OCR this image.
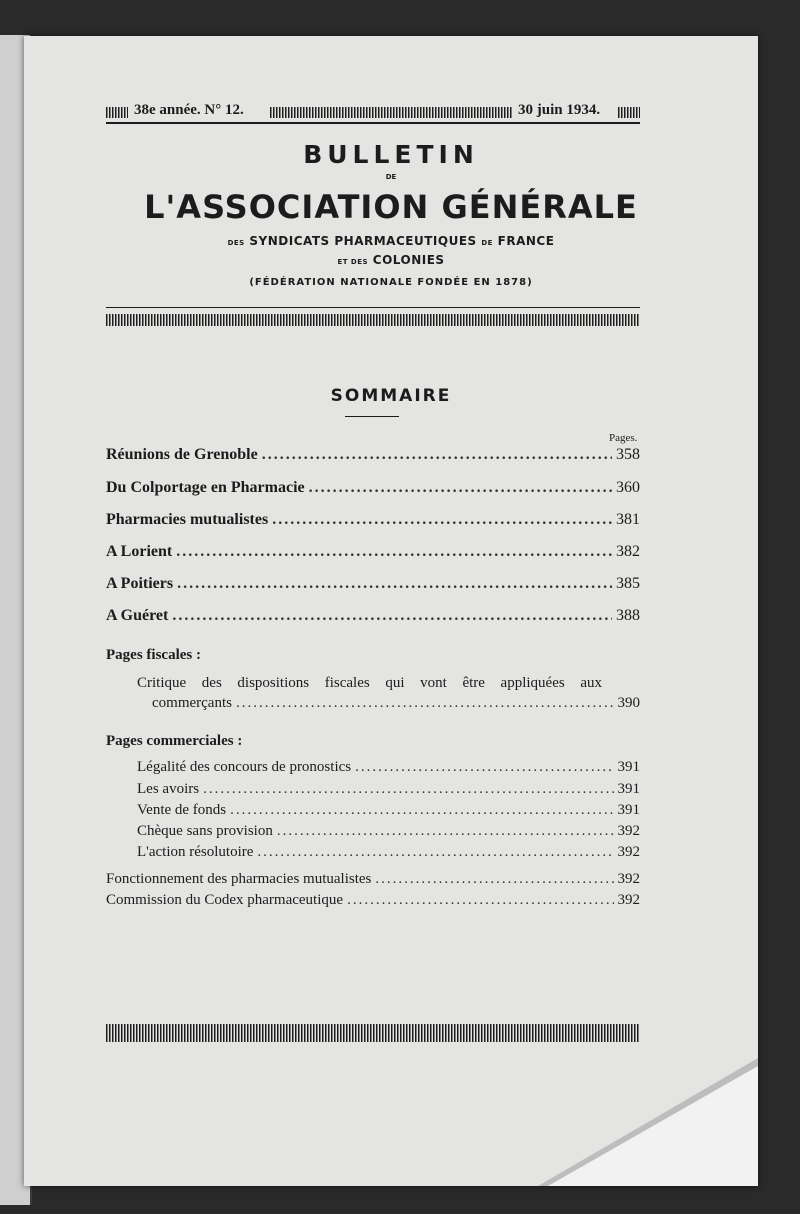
38e année. N° 12.	30 juin 1934.
BULLETIN
DE
L'ASSOCIATION GÉNÉRALE
DES SYNDICATS PHARMACEUTIQUES DE FRANCE
ET DES COLONIES
(FÉDÉRATION NATIONALE FONDÉE EN 1878)
SOMMAIRE
Pages.
Réunions de Grenoble .....	358
Du Colportage en Pharmacie .....	360
Pharmacies mutualistes .....	381
A Lorient .....	382
A Poitiers .....	385
A Guéret .....	388
Pages fiscales :
Critique des dispositions fiscales qui vont être appliquées aux
commerçants .....	390
Pages commerciales :
Légalité des concours de pronostics .....	391
Les avoirs .....	391
Vente de fonds .....	391
Chèque sans provision .....	392
L'action résolutoire .....	392
Fonctionnement des pharmacies mutualistes .....	392
Commission du Codex pharmaceutique .....	392
